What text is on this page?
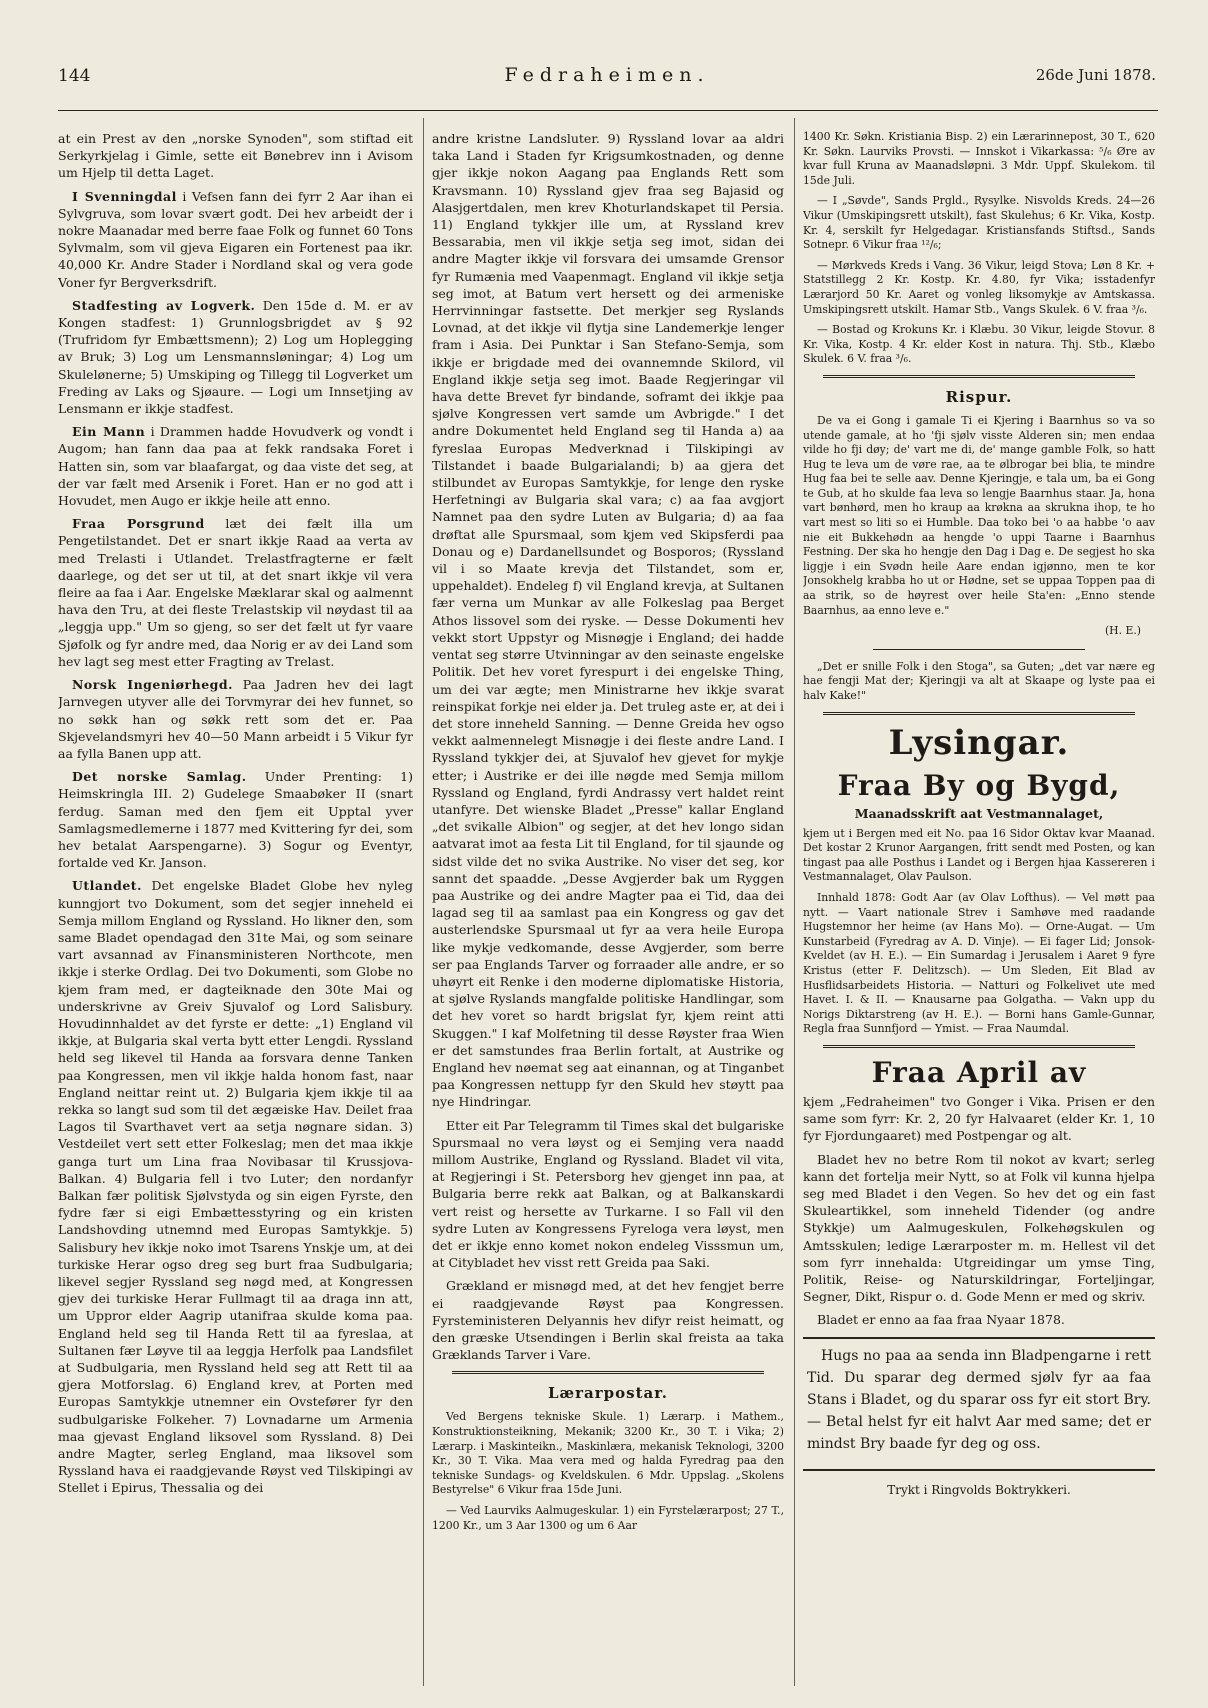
144	Fedraheimen.	26de Juni 1878.

at ein Prest av den „norske Synoden", som stiftad eit Serkyrkjelag i Gimle, sette eit Bønebrev inn i Avisom um Hjelp til detta Laget.

I Svenningdal i Vefsen fann dei fyrr 2 Aar ihan ei Sylvgruva, som lovar svært godt. Dei hev arbeidt der i nokre Maanadar med berre faae Folk og funnet 60 Tons Sylvmalm, som vil gjeva Eigaren ein Fortenest paa ikr. 40,000 Kr. Andre Stader i Nordland skal og vera gode Voner fyr Bergverksdrift.

Stadfesting av Logverk. Den 15de d. M. er av Kongen stadfest: 1) Grunnlogsbrigdet av § 92 (Trufridom fyr Embættsmenn); 2) Log um Hoplegging av Bruk; 3) Log um Lensmannsløningar; 4) Log um Skulelønerne; 5) Umskiping og Tillegg til Logverket um Freding av Laks og Sjøaure. — Logi um Innsetjing av Lensmann er ikkje stadfest.

Ein Mann i Drammen hadde Hovudverk og vondt i Augom; han fann daa paa at fekk randsaka Foret i Hatten sin, som var blaafargat, og daa viste det seg, at der var fælt med Arsenik i Foret. Han er no god att i Hovudet, men Augo er ikkje heile att enno.

Fraa Porsgrund læt dei fælt illa um Pengetilstandet. Det er snart ikkje Raad aa verta av med Trelasti i Utlandet. Trelastfragterne er fælt daarlege, og det ser ut til, at det snart ikkje vil vera fleire aa faa i Aar. Engelske Mæklarar skal og aalmennt hava den Tru, at dei fleste Trelastskip vil nøydast til aa „leggja upp." Um so gjeng, so ser det fælt ut fyr vaare Sjøfolk og fyr andre med, daa Norig er av dei Land som hev lagt seg mest etter Fragting av Trelast.

Norsk Ingeniørhegd. Paa Jadren hev dei lagt Jarnvegen utyver alle dei Torvmyrar dei hev funnet, so no søkk han og søkk rett som det er. Paa Skjevelandsmyri hev 40—50 Mann arbeidt i 5 Vikur fyr aa fylla Banen upp att.

Det norske Samlag. Under Prenting: 1) Heimskringla III. 2) Gudelege Smaabøker II (snart ferdug. Saman med den fjem eit Upptal yver Samlagsmedlemerne i 1877 med Kvittering fyr dei, som hev betalat Aarspengarne). 3) Sogur og Eventyr, fortalde ved Kr. Janson.

Utlandet. Det engelske Bladet Globe hev nyleg kunngjort tvo Dokument, som det segjer inneheld ei Semja millom England og Ryssland. Ho likner den, som same Bladet opendagad den 31te Mai, og som seinare vart avsannad av Finansministeren Northcote, men ikkje i sterke Ordlag. Dei tvo Dokumenti, som Globe no kjem fram med, er dagteiknade den 30te Mai og underskrivne av Greiv Sjuvalof og Lord Salisbury. Hovudinnhaldet av det fyrste er dette: „1) England vil ikkje, at Bulgaria skal verta bytt etter Lengdi. Ryssland held seg likevel til Handa aa forsvara denne Tanken paa Kongressen, men vil ikkje halda honom fast, naar England neittar reint ut. 2) Bulgaria kjem ikkje til aa rekka so langt sud som til det ægæiske Hav. Deilet fraa Lagos til Svarthavet vert aa setja nøgnare sidan. 3) Vestdeilet vert sett etter Folkeslag; men det maa ikkje ganga turt um Lina fraa Novibasar til Krussjova-Balkan. 4) Bulgaria fell i tvo Luter; den nordanfyr Balkan fær politisk Sjølvstyda og sin eigen Fyrste, den fydre fær si eigi Embættesstyring og ein kristen Landshovding utnemnd med Europas Samtykkje. 5) Salisbury hev ikkje noko imot Tsarens Ynskje um, at dei turkiske Herar ogso dreg seg burt fraa Sudbulgaria; likevel segjer Ryssland seg nøgd med, at Kongressen gjev dei turkiske Herar Fullmagt til aa draga inn att, um Uppror elder Aagrip utanifraa skulde koma paa. England held seg til Handa Rett til aa fyreslaa, at Sultanen fær Løyve til aa leggja Herfolk paa Landsfilet at Sudbulgaria, men Ryssland held seg att Rett til aa gjera Motforslag. 6) England krev, at Porten med Europas Samtykkje utnemner ein Ovstefører fyr den sudbulgariske Folkeher. 7) Lovnadarne um Armenia maa gjevast England liksovel som Ryssland. 8) Dei andre Magter, serleg England, maa liksovel som Ryssland hava ei raadgjevande Røyst ved Tilskipingi av Stellet i Epirus, Thessalia og dei

andre kristne Landsluter. 9) Ryssland lovar aa aldri taka Land i Staden fyr Krigsumkostnaden, og denne gjer ikkje nokon Aagang paa Englands Rett som Kravsmann. 10) Ryssland gjev fraa seg Bajasid og Alasjgertdalen, men krev Khoturlandskapet til Persia. 11) England tykkjer ille um, at Ryssland krev Bessarabia, men vil ikkje setja seg imot, sidan dei andre Magter ikkje vil forsvara dei umsamde Grensor fyr Rumænia med Vaapenmagt. England vil ikkje setja seg imot, at Batum vert hersett og dei armeniske Herrvinningar fastsette. Det merkjer seg Ryslands Lovnad, at det ikkje vil flytja sine Landemerkje lenger fram i Asia. Dei Punktar i San Stefano-Semja, som ikkje er brigdade med dei ovannemnde Skilord, vil England ikkje setja seg imot. Baade Regjeringar vil hava dette Brevet fyr bindande, soframt dei ikkje paa sjølve Kongressen vert samde um Avbrigde." I det andre Dokumentet held England seg til Handa a) aa fyreslaa Europas Medverknad i Tilskipingi av Tilstandet i baade Bulgarialandi; b) aa gjera det stilbundet av Europas Samtykkje, for lenge den ryske Herfetningi av Bulgaria skal vara; c) aa faa avgjort Namnet paa den sydre Luten av Bulgaria; d) aa faa drøftat alle Spursmaal, som kjem ved Skipsferdi paa Donau og e) Dardanellsundet og Bosporos; (Ryssland vil i so Maate krevja det Tilstandet, som er, uppehaldet). Endeleg f) vil England krevja, at Sultanen fær verna um Munkar av alle Folkeslag paa Berget Athos lissovel som dei ryske. — Desse Dokumenti hev vekkt stort Uppstyr og Misnøgje i England; dei hadde ventat seg større Utvinningar av den seinaste engelske Politik. Det hev voret fyrespurt i dei engelske Thing, um dei var ægte; men Ministrarne hev ikkje svarat reinspikat forkje nei elder ja. Det truleg aste er, at dei i det store inneheld Sanning. — Denne Greida hev ogso vekkt aalmennelegt Misnøgje i dei fleste andre Land. I Ryssland tykkjer dei, at Sjuvalof hev gjevet for mykje etter; i Austrike er dei ille nøgde med Semja millom Ryssland og England, fyrdi Andrassy vert haldet reint utanfyre. Det wienske Bladet „Presse" kallar England „det svikalle Albion" og segjer, at det hev longo sidan aatvarat imot aa festa Lit til England, for til sjaunde og sidst vilde det no svika Austrike. No viser det seg, kor sannt det spaadde. „Desse Avgjerder bak um Ryggen paa Austrike og dei andre Magter paa ei Tid, daa dei lagad seg til aa samlast paa ein Kongress og gav det austerlendske Spursmaal ut fyr aa vera heile Europa like mykje vedkomande, desse Avgjerder, som berre ser paa Englands Tarver og forraader alle andre, er so uhøyrt eit Renke i den moderne diplomatiske Historia, at sjølve Ryslands mangfalde politiske Handlingar, som det hev voret so hardt brigslat fyr, kjem reint atti Skuggen." I kaf Molfetning til desse Røyster fraa Wien er det samstundes fraa Berlin fortalt, at Austrike og England hev nøemat seg aat einannan, og at Tinganbet paa Kongressen nettupp fyr den Skuld hev støytt paa nye Hindringar.

Etter eit Par Telegramm til Times skal det bulgariske Spursmaal no vera løyst og ei Semjing vera naadd millom Austrike, England og Ryssland. Bladet vil vita, at Regjeringi i St. Petersborg hev gjenget inn paa, at Bulgaria berre rekk aat Balkan, og at Balkanskardi vert reist og hersette av Turkarne. I so Fall vil den sydre Luten av Kongressens Fyreloga vera løyst, men det er ikkje enno komet nokon endeleg Visssmun um, at Citybladet hev visst rett Greida paa Saki.

Grækland er misnøgd med, at det hev fengjet berre ei raadgjevande Røyst paa Kongressen. Fyrsteministeren Delyannis hev difyr reist heimatt, og den græske Utsendingen i Berlin skal freista aa taka Græklands Tarver i Vare.

Lærarpostar.

Ved Bergens tekniske Skule. 1) Lærarp. i Mathem., Konstruktionsteikning, Mekanik; 3200 Kr., 30 T. i Vika; 2) Lærarp. i Maskinteikn., Maskinlæra, mekanisk Teknologi, 3200 Kr., 30 T. Vika. Maa vera med og halda Fyredrag paa den tekniske Sundags- og Kveldskulen. 6 Mdr. Uppslag. „Skolens Bestyrelse" 6 Vikur fraa 15de Juni.

— Ved Laurviks Aalmugeskular. 1) ein Fyrstelærarpost; 27 T., 1200 Kr., um 3 Aar 1300 og um 6 Aar

1400 Kr. Søkn. Kristiania Bisp. 2) ein Lærarinnepost, 30 T., 620 Kr. Søkn. Laurviks Provsti. — Innskot i Vikarkassa: ⁵/₆ Øre av kvar full Kruna av Maanadsløpni. 3 Mdr. Uppf. Skulekom. til 15de Juli.

— I „Søvde", Sands Prgld., Rysylke. Nisvolds Kreds. 24—26 Vikur (Umskipingsrett utskilt), fast Skulehus; 6 Kr. Vika, Kostp. Kr. 4, serskilt fyr Helgedagar. Kristiansfands Stiftsd., Sands Sotnepr. 6 Vikur fraa ¹²/₆;

— Mørkveds Kreds i Vang. 36 Vikur, leigd Stova; Løn 8 Kr. + Statstillegg 2 Kr. Kostp. Kr. 4.80, fyr Vika; isstadenfyr Lærarjord 50 Kr. Aaret og vonleg liksomykje av Amtskassa. Umskipingsrett utskilt. Hamar Stb., Vangs Skulek. 6 V. fraa ³/₆.

— Bostad og Krokuns Kr. i Klæbu. 30 Vikur, leigde Stovur. 8 Kr. Vika, Kostp. 4 Kr. elder Kost in natura. Thj. Stb., Klæbo Skulek. 6 V. fraa ³/₆.

Rispur.

De va ei Gong i gamale Ti ei Kjering i Baarnhus so va so utende gamale, at ho 'fji sjølv visste Alderen sin; men endaa vilde ho fji døy; de' vart me di, de' mange gamble Folk, so hatt Hug te leva um de vøre rae, aa te ølbrogar bei blia, te mindre Hug faa bei te selle aav. Denne Kjeringje, e tala um, ba ei Gong te Gub, at ho skulde faa leva so lengje Baarnhus staar. Ja, hona vart bønhørd, men ho kraup aa krøkna aa skrukna ihop, te ho vart mest so liti so ei Humble. Daa toko bei 'o aa habbe 'o aav nie eit Bukkehødn aa hengde 'o uppi Taarne i Baarnhus Festning. Der ska ho hengje den Dag i Dag e. De segjest ho ska liggje i ein Svødn heile Aare endan igjønno, men te kor Jonsokhelg krabba ho ut or Hødne, set se uppaa Toppen paa di aa strik, so de høyrest over heile Sta'en: „Enno stende Baarnhus, aa enno leve e."

(H. E.)

„Det er snille Folk i den Stoga", sa Guten; „det var nære eg hae fengji Mat der; Kjeringji va alt at Skaape og lyste paa ei halv Kake!"

Lysingar.
Fraa By og Bygd,
Maanadsskrift aat Vestmannalaget,

kjem ut i Bergen med eit No. paa 16 Sidor Oktav kvar Maanad. Det kostar 2 Krunor Aargangen, fritt sendt med Posten, og kan tingast paa alle Posthus i Landet og i Bergen hjaa Kassereren i Vestmannalaget, Olav Paulson.

Innhald 1878: Godt Aar (av Olav Lofthus). — Vel møtt paa nytt. — Vaart nationale Strev i Samhøve med raadande Hugstemnor her heime (av Hans Mo). — Orne-Augat. — Um Kunstarbeid (Fyredrag av A. D. Vinje). — Ei fager Lid; Jonsok-Kveldet (av H. E.). — Ein Sumardag i Jerusalem i Aaret 9 fyre Kristus (etter F. Delitzsch). — Um Sleden, Eit Blad av Husflidsarbeidets Historia. — Natturi og Folkelivet ute med Havet. I. & II. — Knausarne paa Golgatha. — Vakn upp du Norigs Diktarstreng (av H. E.). — Borni hans Gamle-Gunnar, Regla fraa Sunnfjord — Ymist. — Fraa Naumdal.

Fraa April av

kjem „Fedraheimen" tvo Gonger i Vika. Prisen er den same som fyrr: Kr. 2, 20 fyr Halvaaret (elder Kr. 1, 10 fyr Fjordungaaret) med Postpengar og alt.

Bladet hev no betre Rom til nokot av kvart; serleg kann det fortelja meir Nytt, so at Folk vil kunna hjelpa seg med Bladet i den Vegen. So hev det og ein fast Skuleartikkel, som inneheld Tidender (og andre Stykkje) um Aalmugeskulen, Folkehøgskulen og Amtsskulen; ledige Lærarposter m. m. Hellest vil det som fyrr innehalda: Utgreidingar um ymse Ting, Politik, Reise- og Naturskildringar, Forteljingar, Segner, Dikt, Rispur o. d. Gode Menn er med og skriv.

Bladet er enno aa faa fraa Nyaar 1878.

Hugs no paa aa senda inn Bladpengarne i rett Tid. Du sparar deg dermed sjølv fyr aa faa Stans i Bladet, og du sparar oss fyr eit stort Bry. — Betal helst fyr eit halvt Aar med same; det er mindst Bry baade fyr deg og oss.

Trykt i Ringvolds Boktrykkeri.
